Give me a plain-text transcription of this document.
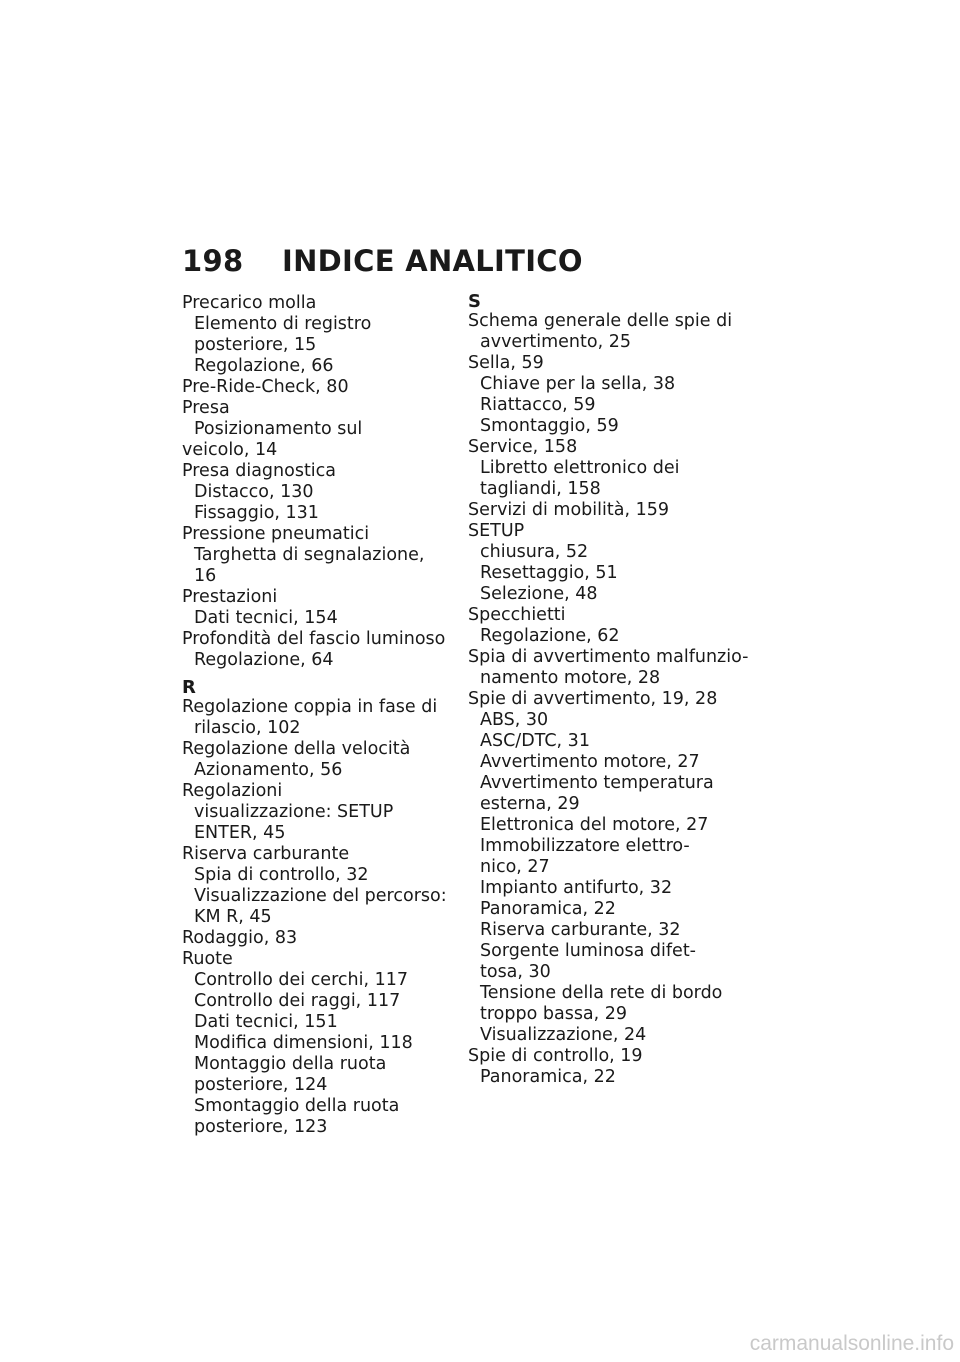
198	INDICE ANALITICO
Precarico molla
Elemento di registro
posteriore, 15
Regolazione, 66
Pre-Ride-Check, 80
Presa
Posizionamento sul
veicolo, 14
Presa diagnostica
Distacco, 130
Fissaggio, 131
Pressione pneumatici
Targhetta di segnalazione, 16
Prestazioni
Dati tecnici, 154
Profondità del fascio luminoso
Regolazione, 64
R
Regolazione coppia in fase di
rilascio, 102
Regolazione della velocità
Azionamento, 56
Regolazioni
visualizzazione: SETUP
ENTER, 45
Riserva carburante
Spia di controllo, 32
Visualizzazione del percorso:
KM R, 45
Rodaggio, 83
Ruote
Controllo dei cerchi, 117
Controllo dei raggi, 117
Dati tecnici, 151
Modifica dimensioni, 118
Montaggio della ruota
posteriore, 124
Smontaggio della ruota
posteriore, 123
S
Schema generale delle spie di
avvertimento, 25
Sella, 59
Chiave per la sella, 38
Riattacco, 59
Smontaggio, 59
Service, 158
Libretto elettronico dei
tagliandi, 158
Servizi di mobilità, 159
SETUP
chiusura, 52
Resettaggio, 51
Selezione, 48
Specchietti
Regolazione, 62
Spia di avvertimento malfunzio-
namento motore, 28
Spie di avvertimento, 19, 28
ABS, 30
ASC/DTC, 31
Avvertimento motore, 27
Avvertimento temperatura
esterna, 29
Elettronica del motore, 27
Immobilizzatore elettro-
nico, 27
Impianto antifurto, 32
Panoramica, 22
Riserva carburante, 32
Sorgente luminosa difet-
tosa, 30
Tensione della rete di bordo
troppo bassa, 29
Visualizzazione, 24
Spie di controllo, 19
Panoramica, 22
carmanualsonline.info
